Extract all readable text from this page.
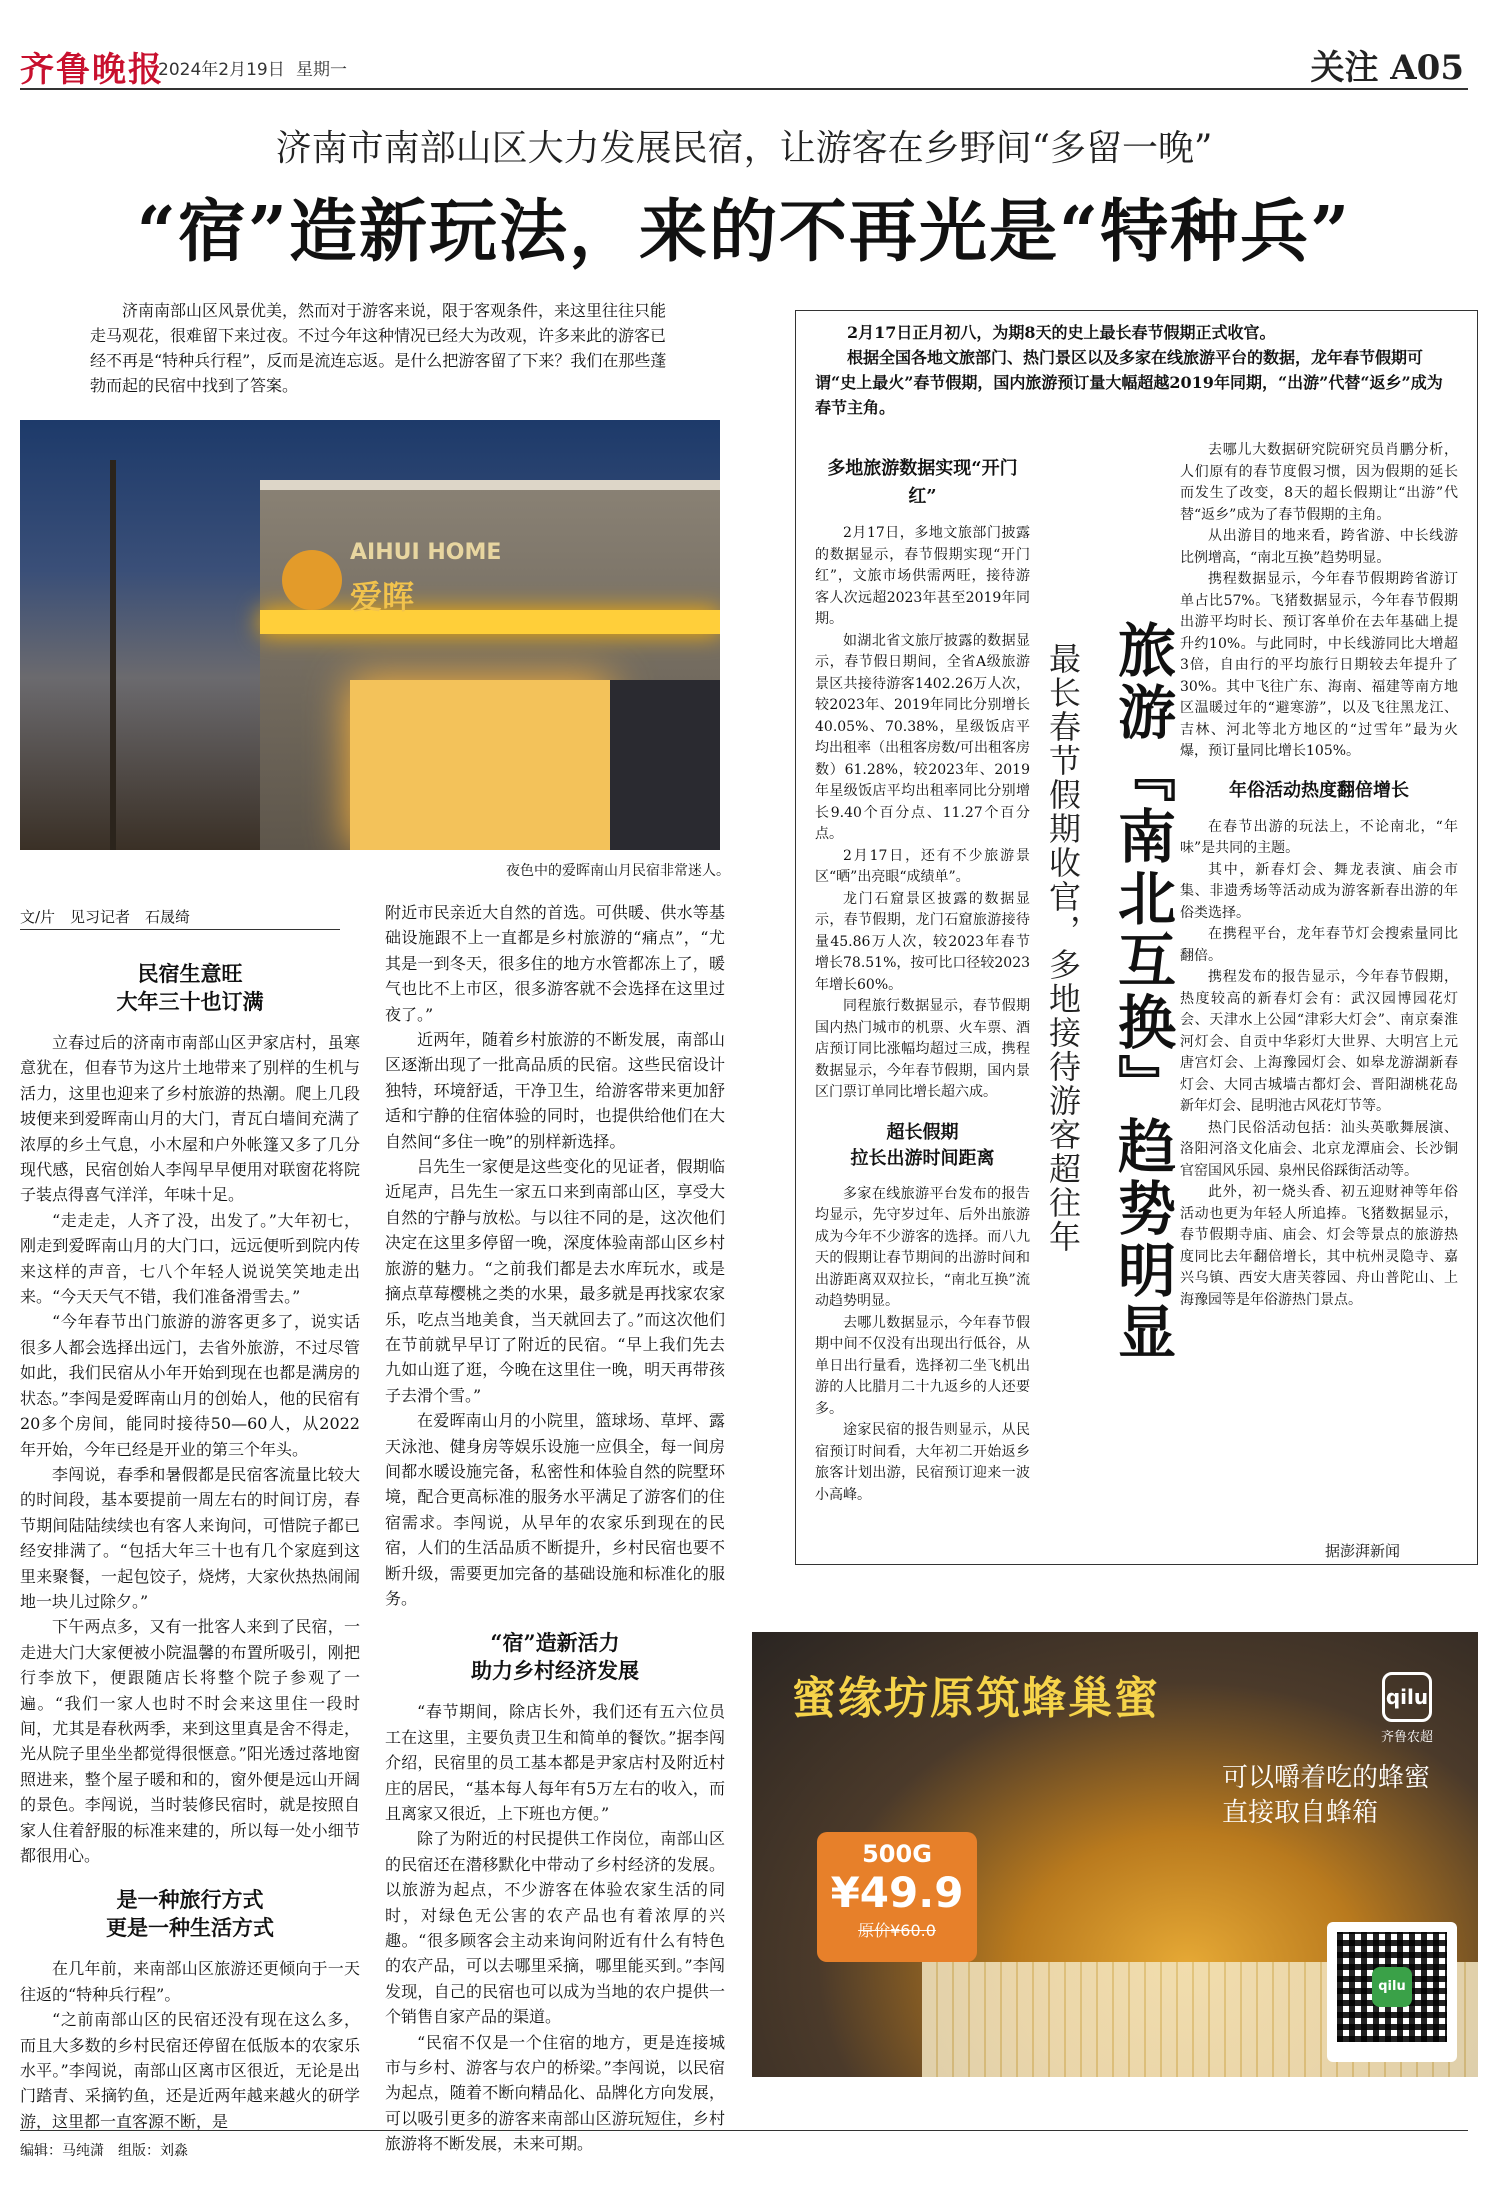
齐鲁晚报
2024年2月19日 星期一	关注 A05
济南市南部山区大力发展民宿，让游客在乡野间“多留一晚”
“宿”造新玩法，来的不再光是“特种兵”
济南南部山区风景优美，然而对于游客来说，限于客观条件，来这里往往只能走马观花，很难留下来过夜。不过今年这种情况已经大为改观，许多来此的游客已经不再是“特种兵行程”，反而是流连忘返。是什么把游客留了下来？我们在那些蓬勃而起的民宿中找到了答案。
AIHUI HOME
爱晖
夜色中的爱晖南山月民宿非常迷人。
文/片　见习记者　石晟绮
民宿生意旺
大年三十也订满

立春过后的济南市南部山区尹家店村，虽寒意犹在，但春节为这片土地带来了别样的生机与活力，这里也迎来了乡村旅游的热潮。爬上几段坡便来到爱晖南山月的大门，青瓦白墙间充满了浓厚的乡土气息，小木屋和户外帐篷又多了几分现代感，民宿创始人李闯早早便用对联窗花将院子装点得喜气洋洋，年味十足。

“走走走，人齐了没，出发了。”大年初七，刚走到爱晖南山月的大门口，远远便听到院内传来这样的声音，七八个年轻人说说笑笑地走出来。“今天天气不错，我们准备滑雪去。”

“今年春节出门旅游的游客更多了，说实话很多人都会选择出远门，去省外旅游，不过尽管如此，我们民宿从小年开始到现在也都是满房的状态。”李闯是爱晖南山月的创始人，他的民宿有20多个房间，能同时接待50—60人，从2022年开始，今年已经是开业的第三个年头。

李闯说，春季和暑假都是民宿客流量比较大的时间段，基本要提前一周左右的时间订房，春节期间陆陆续续也有客人来询问，可惜院子都已经安排满了。“包括大年三十也有几个家庭到这里来聚餐，一起包饺子，烧烤，大家伙热热闹闹地一块儿过除夕。”

下午两点多，又有一批客人来到了民宿，一走进大门大家便被小院温馨的布置所吸引，刚把行李放下，便跟随店长将整个院子参观了一遍。“我们一家人也时不时会来这里住一段时间，尤其是春秋两季，来到这里真是舍不得走，光从院子里坐坐都觉得很惬意。”阳光透过落地窗照进来，整个屋子暖和和的，窗外便是远山开阔的景色。李闯说，当时装修民宿时，就是按照自家人住着舒服的标准来建的，所以每一处小细节都很用心。

是一种旅行方式
更是一种生活方式

在几年前，来南部山区旅游还更倾向于一天往返的“特种兵行程”。

“之前南部山区的民宿还没有现在这么多，而且大多数的乡村民宿还停留在低版本的农家乐水平。”李闯说，南部山区离市区很近，无论是出门踏青、采摘钓鱼，还是近两年越来越火的研学游，这里都一直客源不断，是

附近市民亲近大自然的首选。可供暖、供水等基础设施跟不上一直都是乡村旅游的“痛点”，“尤其是一到冬天，很多住的地方水管都冻上了，暖气也比不上市区，很多游客就不会选择在这里过夜了。”

近两年，随着乡村旅游的不断发展，南部山区逐渐出现了一批高品质的民宿。这些民宿设计独特，环境舒适，干净卫生，给游客带来更加舒适和宁静的住宿体验的同时，也提供给他们在大自然间“多住一晚”的别样新选择。

吕先生一家便是这些变化的见证者，假期临近尾声，吕先生一家五口来到南部山区，享受大自然的宁静与放松。与以往不同的是，这次他们决定在这里多停留一晚，深度体验南部山区乡村旅游的魅力。“之前我们都是去水库玩水，或是摘点草莓樱桃之类的水果，最多就是再找家农家乐，吃点当地美食，当天就回去了。”而这次他们在节前就早早订了附近的民宿。“早上我们先去九如山逛了逛，今晚在这里住一晚，明天再带孩子去滑个雪。”

在爱晖南山月的小院里，篮球场、草坪、露天泳池、健身房等娱乐设施一应俱全，每一间房间都水暖设施完备，私密性和体验自然的院墅环境，配合更高标准的服务水平满足了游客们的住宿需求。李闯说，从早年的农家乐到现在的民宿，人们的生活品质不断提升，乡村民宿也要不断升级，需要更加完备的基础设施和标准化的服务。

“宿”造新活力
助力乡村经济发展

“春节期间，除店长外，我们还有五六位员工在这里，主要负责卫生和简单的餐饮。”据李闯介绍，民宿里的员工基本都是尹家店村及附近村庄的居民，“基本每人每年有5万左右的收入，而且离家又很近，上下班也方便。”

除了为附近的村民提供工作岗位，南部山区的民宿还在潜移默化中带动了乡村经济的发展。以旅游为起点，不少游客在体验农家生活的同时，对绿色无公害的农产品也有着浓厚的兴趣。“很多顾客会主动来询问附近有什么有特色的农产品，可以去哪里采摘，哪里能买到。”李闯发现，自己的民宿也可以成为当地的农户提供一个销售自家产品的渠道。

“民宿不仅是一个住宿的地方，更是连接城市与乡村、游客与农户的桥梁。”李闯说，以民宿为起点，随着不断向精品化、品牌化方向发展，可以吸引更多的游客来南部山区游玩短住，乡村旅游将不断发展，未来可期。

2月17日正月初八，为期8天的史上最长春节假期正式收官。

根据全国各地文旅部门、热门景区以及多家在线旅游平台的数据，龙年春节假期可谓“史上最火”春节假期，国内旅游预订量大幅超越2019年同期，“出游”代替“返乡”成为春节主角。

多地旅游数据实现“开门红”

2月17日，多地文旅部门披露的数据显示，春节假期实现“开门红”，文旅市场供需两旺，接待游客人次远超2023年甚至2019年同期。

如湖北省文旅厅披露的数据显示，春节假日期间，全省A级旅游景区共接待游客1402.26万人次，较2023年、2019年同比分别增长40.05%、70.38%，星级饭店平均出租率（出租客房数/可出租客房数）61.28%，较2023年、2019年星级饭店平均出租率同比分别增长9.40个百分点、11.27个百分点。

2月17日，还有不少旅游景区“晒”出亮眼“成绩单”。

龙门石窟景区披露的数据显示，春节假期，龙门石窟旅游接待量45.86万人次，较2023年春节增长78.51%，按可比口径较2023年增长60%。

同程旅行数据显示，春节假期国内热门城市的机票、火车票、酒店预订同比涨幅均超过三成，携程数据显示，今年春节假期，国内景区门票订单同比增长超六成。

超长假期
拉长出游时间距离

多家在线旅游平台发布的报告均显示，先守岁过年、后外出旅游成为今年不少游客的选择。而八九天的假期让春节期间的出游时间和出游距离双双拉长，“南北互换”流动趋势明显。

去哪儿数据显示，今年春节假期中间不仅没有出现出行低谷，从单日出行量看，选择初二坐飞机出游的人比腊月二十九返乡的人还要多。

途家民宿的报告则显示，从民宿预订时间看，大年初二开始返乡旅客计划出游，民宿预订迎来一波小高峰。

最长春节假期收官，多地接待游客超往年 旅游『南北互换』趋势明显

去哪儿大数据研究院研究员肖鹏分析，人们原有的春节度假习惯，因为假期的延长而发生了改变，8天的超长假期让“出游”代替“返乡”成为了春节假期的主角。

从出游目的地来看，跨省游、中长线游比例增高，“南北互换”趋势明显。

携程数据显示，今年春节假期跨省游订单占比57%。飞猪数据显示，今年春节假期出游平均时长、预订客单价在去年基础上提升约10%。与此同时，中长线游同比大增超3倍，自由行的平均旅行日期较去年提升了30%。其中飞往广东、海南、福建等南方地区温暖过年的“避寒游”，以及飞往黑龙江、吉林、河北等北方地区的“过雪年”最为火爆，预订量同比增长105%。

年俗活动热度翻倍增长

在春节出游的玩法上，不论南北，“年味”是共同的主题。

其中，新春灯会、舞龙表演、庙会市集、非遗秀场等活动成为游客新春出游的年俗类选择。

在携程平台，龙年春节灯会搜索量同比翻倍。

携程发布的报告显示，今年春节假期，热度较高的新春灯会有：武汉园博园花灯会、天津水上公园“津彩大灯会”、南京秦淮河灯会、自贡中华彩灯大世界、大明宫上元唐宫灯会、上海豫园灯会、如皋龙游湖新春灯会、大同古城墙古都灯会、晋阳湖桃花岛新年灯会、昆明池古风花灯节等。

热门民俗活动包括：汕头英歌舞展演、洛阳河洛文化庙会、北京龙潭庙会、长沙铜官窑国风乐园、泉州民俗踩街活动等。

此外，初一烧头香、初五迎财神等年俗活动也更为年轻人所追捧。飞猪数据显示，春节假期寺庙、庙会、灯会等景点的旅游热度同比去年翻倍增长，其中杭州灵隐寺、嘉兴乌镇、西安大唐芙蓉园、舟山普陀山、上海豫园等是年俗游热门景点。

据澎湃新闻
蜜缘坊原筑蜂巢蜜	qilu
齐鲁农超
可以嚼着吃的蜂蜜
直接取自蜂箱
500G
¥49.9
原价¥60.0
qilu
编辑：马纯潇　组版：刘淼
